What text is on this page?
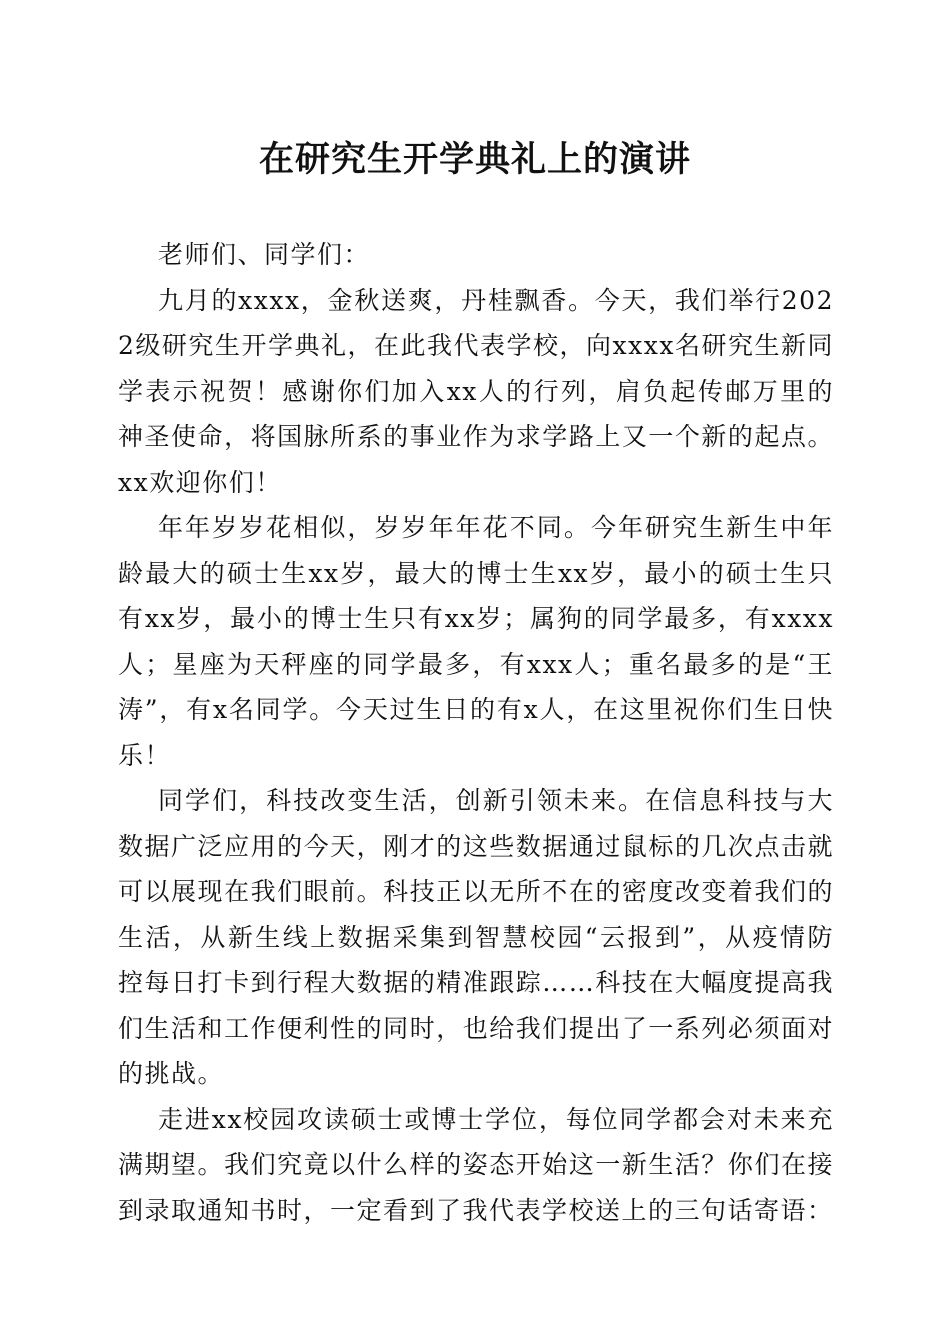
在研究生开学典礼上的演讲

老师们、同学们：

九月的xxxx，金秋送爽，丹桂飘香。今天，我们举行2022级研究生开学典礼，在此我代表学校，向xxxx名研究生新同学表示祝贺！感谢你们加入xx人的行列，肩负起传邮万里的神圣使命，将国脉所系的事业作为求学路上又一个新的起点。xx欢迎你们！

年年岁岁花相似，岁岁年年花不同。今年研究生新生中年龄最大的硕士生xx岁，最大的博士生xx岁，最小的硕士生只有xx岁，最小的博士生只有xx岁；属狗的同学最多，有xxxx人；星座为天秤座的同学最多，有xxx人；重名最多的是“王涛”，有x名同学。今天过生日的有x人，在这里祝你们生日快乐！

同学们，科技改变生活，创新引领未来。在信息科技与大数据广泛应用的今天，刚才的这些数据通过鼠标的几次点击就可以展现在我们眼前。科技正以无所不在的密度改变着我们的生活，从新生线上数据采集到智慧校园“云报到”，从疫情防控每日打卡到行程大数据的精准跟踪……科技在大幅度提高我们生活和工作便利性的同时，也给我们提出了一系列必须面对的挑战。

走进xx校园攻读硕士或博士学位，每位同学都会对未来充满期望。我们究竟以什么样的姿态开始这一新生活？你们在接到录取通知书时，一定看到了我代表学校送上的三句话寄语：
